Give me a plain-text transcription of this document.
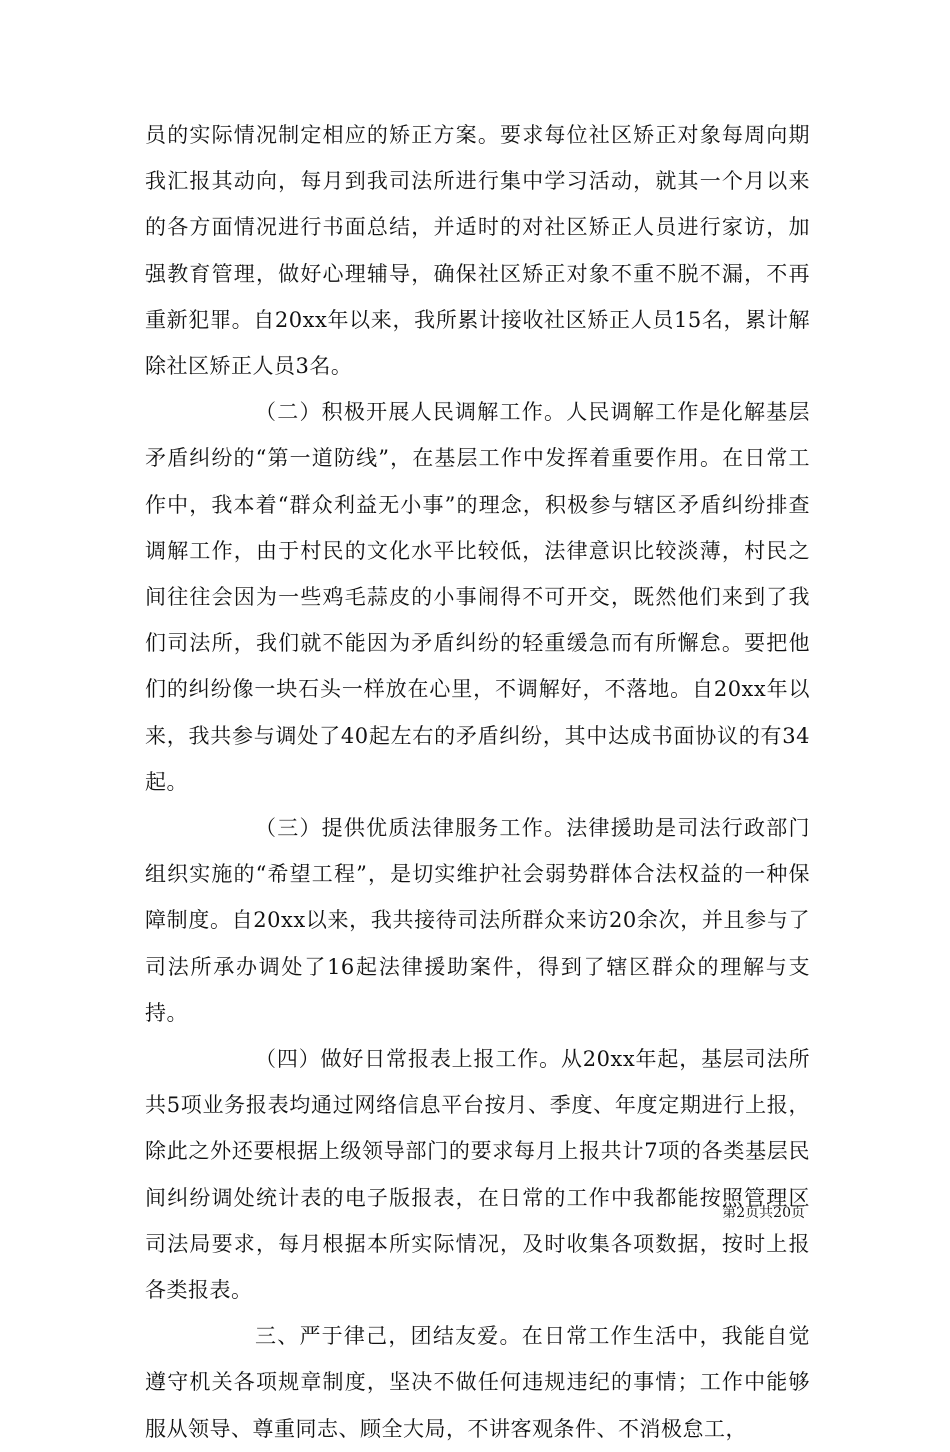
员的实际情况制定相应的矫正方案。要求每位社区矫正对象每周向期我汇报其动向，每月到我司法所进行集中学习活动，就其一个月以来的各方面情况进行书面总结，并适时的对社区矫正人员进行家访，加强教育管理，做好心理辅导，确保社区矫正对象不重不脱不漏，不再重新犯罪。自20xx年以来，我所累计接收社区矫正人员15名，累计解除社区矫正人员3名。

（二）积极开展人民调解工作。人民调解工作是化解基层矛盾纠纷的“第一道防线”，在基层工作中发挥着重要作用。在日常工作中，我本着“群众利益无小事”的理念，积极参与辖区矛盾纠纷排查调解工作，由于村民的文化水平比较低，法律意识比较淡薄，村民之间往往会因为一些鸡毛蒜皮的小事闹得不可开交，既然他们来到了我们司法所，我们就不能因为矛盾纠纷的轻重缓急而有所懈怠。要把他们的纠纷像一块石头一样放在心里，不调解好，不落地。自20xx年以来，我共参与调处了40起左右的矛盾纠纷，其中达成书面协议的有34起。

（三）提供优质法律服务工作。法律援助是司法行政部门组织实施的“希望工程”，是切实维护社会弱势群体合法权益的一种保障制度。自20xx以来，我共接待司法所群众来访20余次，并且参与了司法所承办调处了16起法律援助案件，得到了辖区群众的理解与支持。

（四）做好日常报表上报工作。从20xx年起，基层司法所共5项业务报表均通过网络信息平台按月、季度、年度定期进行上报，除此之外还要根据上级领导部门的要求每月上报共计7项的各类基层民间纠纷调处统计表的电子版报表，在日常的工作中我都能按照管理区司法局要求，每月根据本所实际情况，及时收集各项数据，按时上报各类报表。

三、严于律己，团结友爱。在日常工作生活中，我能自觉遵守机关各项规章制度，坚决不做任何违规违纪的事情；工作中能够服从领导、尊重同志、顾全大局，不讲客观条件、不消极怠工，

第2页共20页
